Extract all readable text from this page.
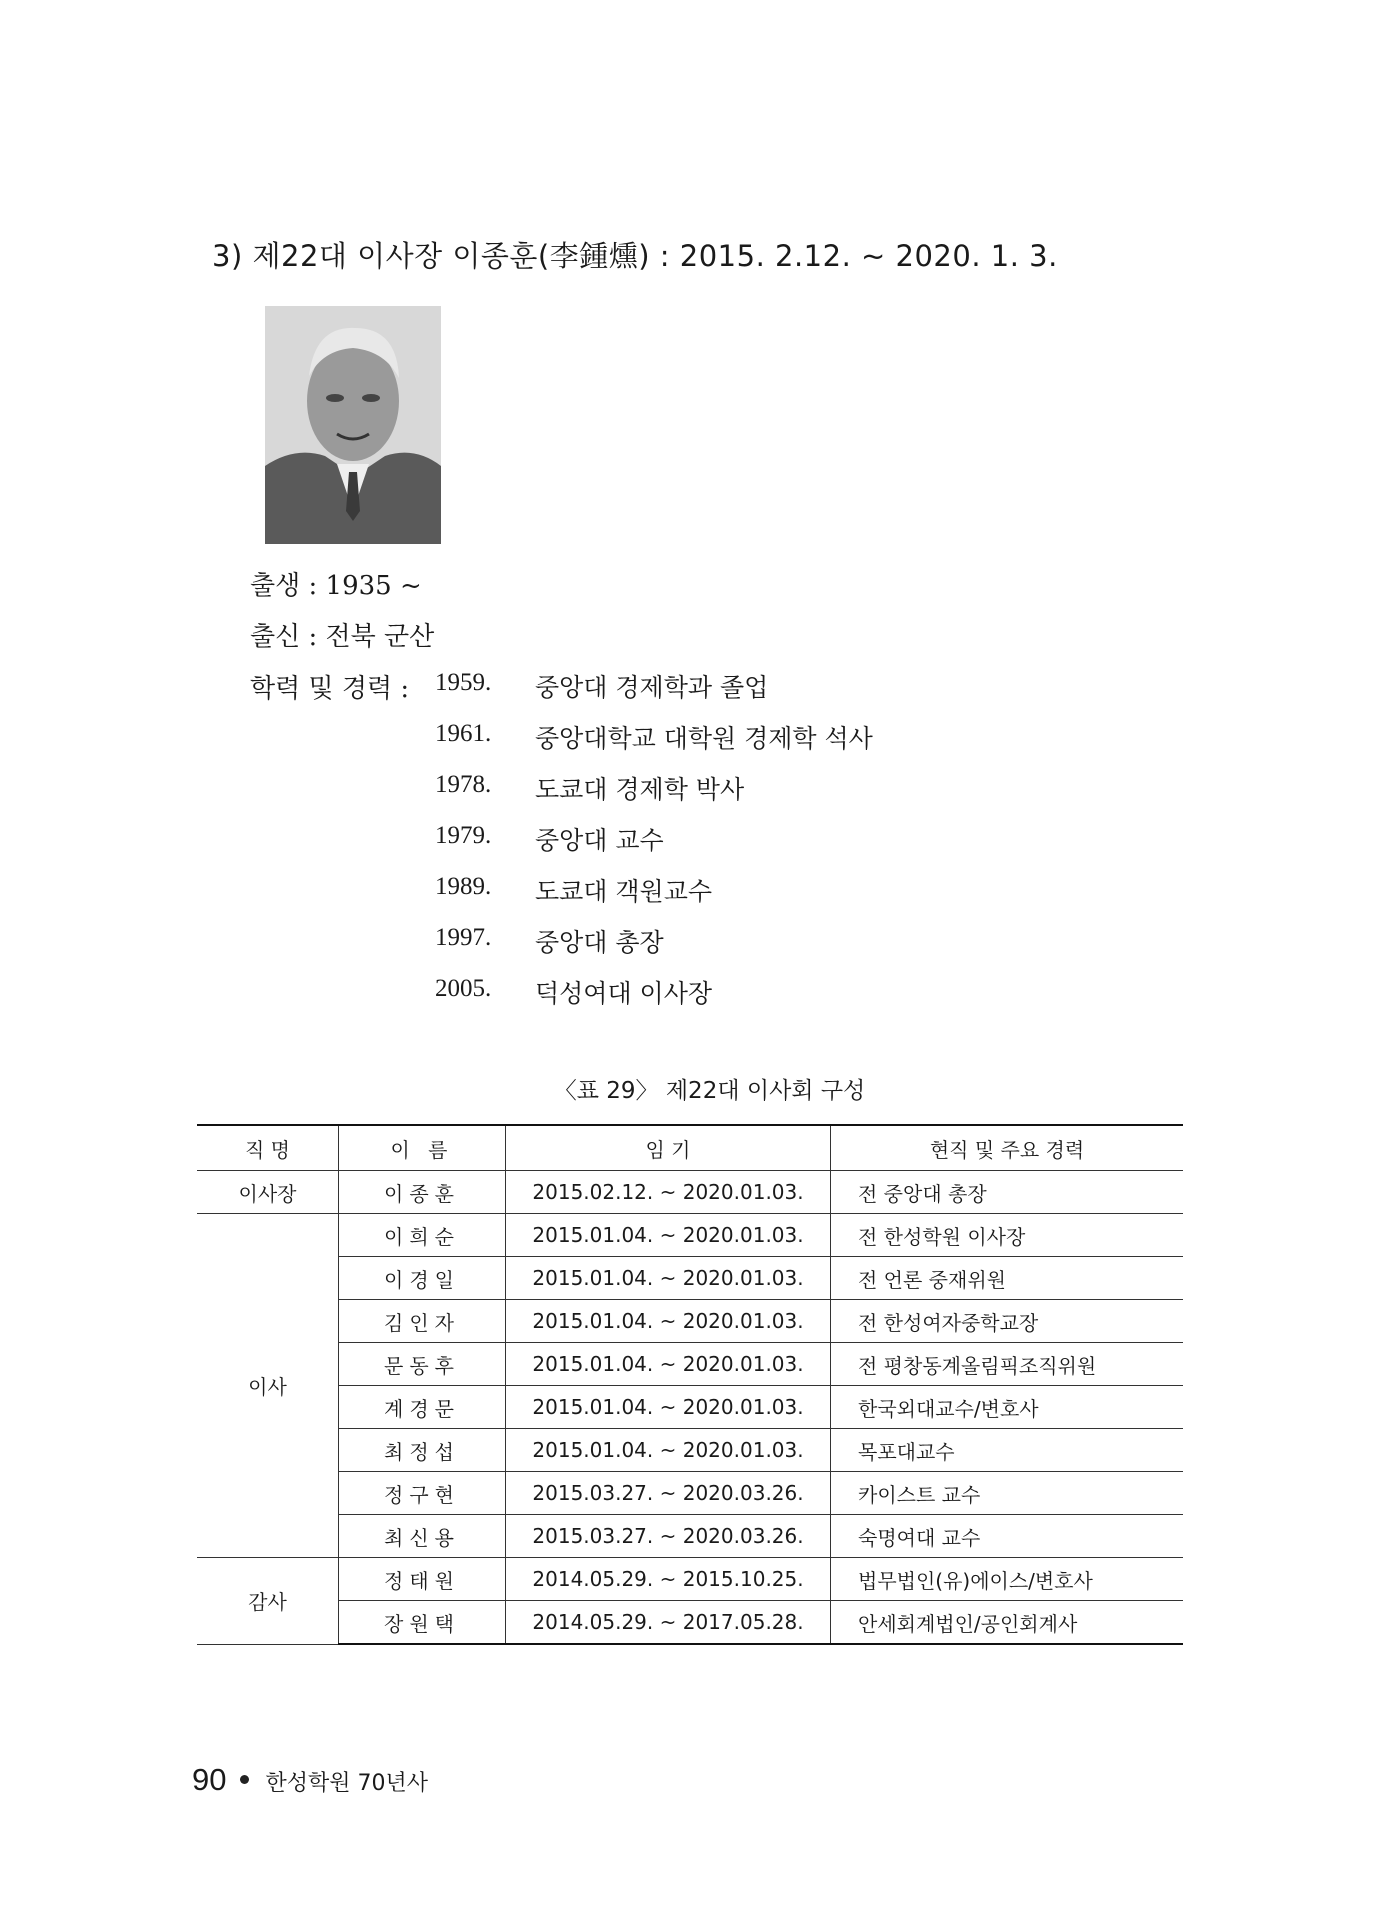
3) 제22대 이사장 이종훈(李鍾燻) : 2015. 2.12. ~ 2020. 1. 3.
출생 : 1935 ~
출신 : 전북 군산
학력 및 경력 : 1959.	중앙대 경제학과 졸업
1961.	중앙대학교 대학원 경제학 석사
1978.	도쿄대 경제학 박사
1979.	중앙대 교수
1989.	도쿄대 객원교수
1997.	중앙대 총장
2005.	덕성여대 이사장
〈표 29〉 제22대 이사회 구성
직 명	이 름	임 기	현직 및 주요 경력
이사장	이종훈	2015.02.12. ~ 2020.01.03.	전 중앙대 총장
이사	이희순	2015.01.04. ~ 2020.01.03.	전 한성학원 이사장
	이경일	2015.01.04. ~ 2020.01.03.	전 언론 중재위원
	김인자	2015.01.04. ~ 2020.01.03.	전 한성여자중학교장
	문동후	2015.01.04. ~ 2020.01.03.	전 평창동계올림픽조직위원
	계경문	2015.01.04. ~ 2020.01.03.	한국외대교수/변호사
	최정섭	2015.01.04. ~ 2020.01.03.	목포대교수
	정구현	2015.03.27. ~ 2020.03.26.	카이스트 교수
	최신용	2015.03.27. ~ 2020.03.26.	숙명여대 교수
감사	정태원	2014.05.29. ~ 2015.10.25.	법무법인(유)에이스/변호사
	장원택	2014.05.29. ~ 2017.05.28.	안세회계법인/공인회계사
90 한성학원 70년사
